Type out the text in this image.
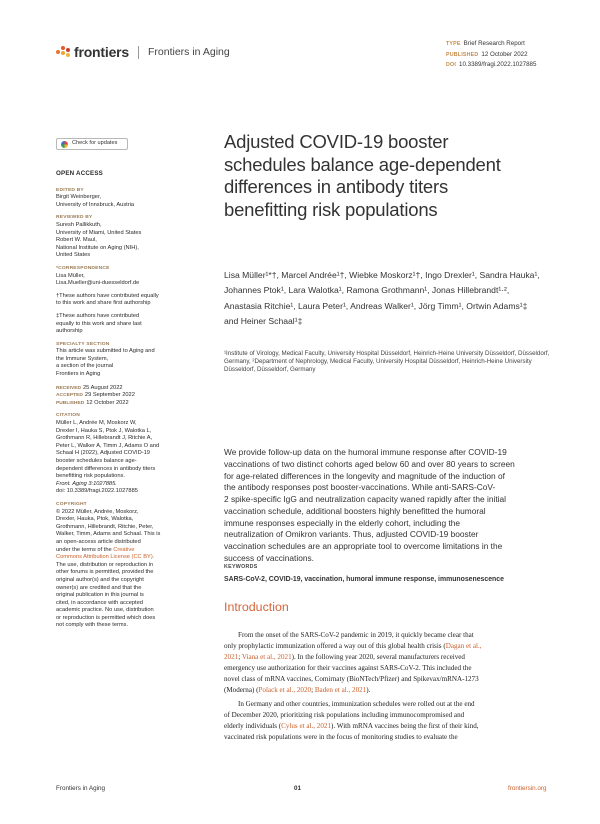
frontiers Frontiers in Aging
TYPE Brief Research Report
PUBLISHED 12 October 2022
DOI 10.3389/fragi.2022.1027885
Check for updates
OPEN ACCESS
EDITED BY
Birgit Weinberger,
University of Innsbruck, Austria
REVIEWED BY
Suresh Pallikkuth,
University of Miami, United States
Robert W. Maul,
National Institute on Aging (NIH),
United States
*CORRESPONDENCE
Lisa Müller,
Lisa.Mueller@uni-duesseldorf.de
†These authors have contributed equally
to this work and share first authorship
‡These authors have contributed
equally to this work and share last
authorship
SPECIALTY SECTION
This article was submitted to Aging and
the Immune System,
a section of the journal
Frontiers in Aging
RECEIVED 25 August 2022
ACCEPTED 29 September 2022
PUBLISHED 12 October 2022
CITATION
Müller L, Andrée M, Moskorz W,
Drexler I, Hauka S, Ptok J, Walotka L,
Grothmann R, Hillebrandt J, Ritchie A,
Peter L, Walker A, Timm J, Adams O and
Schaal H (2022), Adjusted COVID-19
booster schedules balance age-
dependent differences in antibody titers
benefitting risk populations.
Front. Aging 3:1027885.
doi: 10.3389/fragi.2022.1027885
COPYRIGHT
© 2022 Müller, Andrée, Moskorz,
Drexler, Hauka, Ptok, Walotka,
Grothmann, Hillebrandt, Ritchie, Peter,
Walker, Timm, Adams and Schaal. This is
an open-access article distributed
under the terms of the Creative
Commons Attribution License (CC BY).
The use, distribution or reproduction in
other forums is permitted, provided the
original author(s) and the copyright
owner(s) are credited and that the
original publication in this journal is
cited, in accordance with accepted
academic practice. No use, distribution
or reproduction is permitted which does
not comply with these terms.
Adjusted COVID-19 booster schedules balance age-dependent differences in antibody titers benefitting risk populations
Lisa Müller¹*†, Marcel Andrée¹†, Wiebke Moskorz¹†, Ingo Drexler¹, Sandra Hauka¹, Johannes Ptok¹, Lara Walotka¹, Ramona Grothmann¹, Jonas Hillebrandt¹·², Anastasia Ritchie¹, Laura Peter¹, Andreas Walker¹, Jörg Timm¹, Ortwin Adams¹‡ and Heiner Schaal¹‡
¹Institute of Virology, Medical Faculty, University Hospital Düsseldorf, Heinrich-Heine University Düsseldorf, Düsseldorf, Germany, ²Department of Nephrology, Medical Faculty, University Hospital Düsseldorf, Heinrich-Heine University Düsseldorf, Düsseldorf, Germany
We provide follow-up data on the humoral immune response after COVID-19
vaccinations of two distinct cohorts aged below 60 and over 80 years to screen
for age-related differences in the longevity and magnitude of the induction of
the antibody responses post booster-vaccinations. While anti-SARS-CoV-
2 spike-specific IgG and neutralization capacity waned rapidly after the initial
vaccination schedule, additional boosters highly benefitted the humoral
immune responses especially in the elderly cohort, including the
neutralization of Omikron variants. Thus, adjusted COVID-19 booster
vaccination schedules are an appropriate tool to overcome limitations in the
success of vaccinations.
KEYWORDS
SARS-CoV-2, COVID-19, vaccination, humoral immune response, immunosenescence
Introduction
From the onset of the SARS-CoV-2 pandemic in 2019, it quickly became clear that
only prophylactic immunization offered a way out of this global health crisis (Dagan et al.,
2021; Viana et al., 2021). In the following year 2020, several manufacturers received
emergency use authorization for their vaccines against SARS-CoV-2. This included the
novel class of mRNA vaccines, Comirnaty (BioNTech/Pfizer) and Spikevax/mRNA-1273
(Moderna) (Polack et al., 2020; Baden et al., 2021).
In Germany and other countries, immunization schedules were rolled out at the end
of December 2020, prioritizing risk populations including immunocompromised and
elderly individuals (Cylus et al., 2021). With mRNA vaccines being the first of their kind,
vaccinated risk populations were in the focus of monitoring studies to evaluate the
Frontiers in Aging	01	frontiersin.org
